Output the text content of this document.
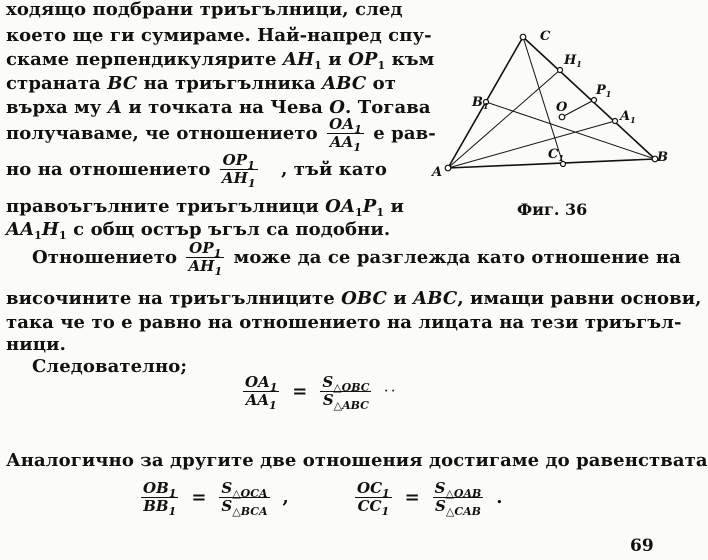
A
B
C
O
$A_1$
$B_1$
$C_1$
$H_1$
$P_1$
Фиг. 36
ходящо подбрани триъгълници, след
което ще ги сумираме. Най-напред спу-
скаме перпендикулярите $AH_1$ и $OP_1$ към
страната BC на триъгълника ABC от
върха му A и точката на Чева O. Тогава
получаваме, че отношението $\frac{OA_1}{AA_1}$ е рав-
но на отношението $\frac{OP_1}{AH_1}$ , тъй като
правоъгълните триъгълници $OA_1P_1$ и
$AA_1H_1$ с общ остър ъгъл са подобни.
Отношението $\frac{OP_1}{AH_1}$ може да се разглежда като отношение на
височините на триъгълниците OBC и ABC, имащи равни основи,
така че то е равно на отношението на лицата на тези триъгъл-
ници.
Следователно;
$\frac{OA_1}{AA_1} = \frac{S_{\triangle OBC}}{S_{\triangle ABC}}$ · ·
Аналогично за другите две отношения достигаме до равенствата
$\frac{OB_1}{BB_1} = \frac{S_{\triangle OCA}}{S_{\triangle BCA}}$ ,	$\frac{OC_1}{CC_1} = \frac{S_{\triangle OAB}}{S_{\triangle CAB}}$ .
69
